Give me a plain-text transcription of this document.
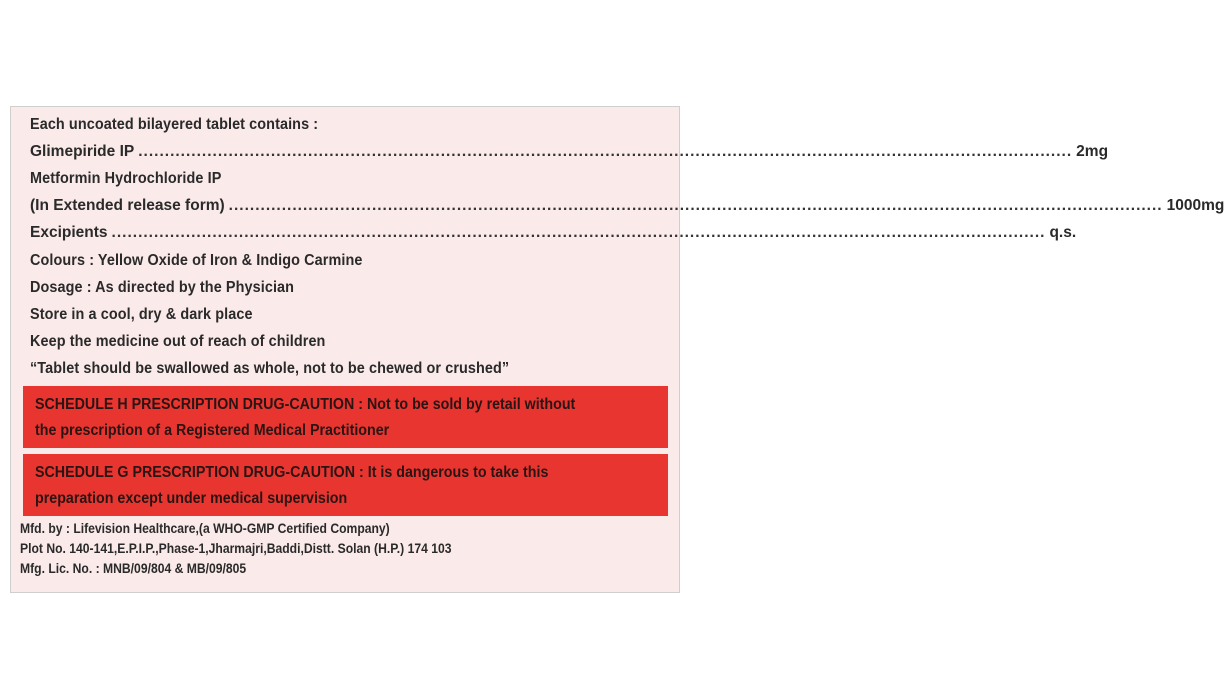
Each uncoated bilayered tablet contains :
Glimepiride IP ................................................................................................................................................................................ 2mg
Metformin Hydrochloride IP
(In Extended release form) ................................................................................................................................................................................ 1000mg
Excipients ................................................................................................................................................................................ q.s.
Colours : Yellow Oxide of Iron & Indigo Carmine
Dosage : As directed by the Physician
Store in a cool, dry & dark place
Keep the medicine out of reach of children
“Tablet should be swallowed as whole, not to be chewed or crushed”
SCHEDULE H PRESCRIPTION DRUG-CAUTION : Not to be sold by retail without
the prescription of a Registered Medical Practitioner
SCHEDULE G PRESCRIPTION DRUG-CAUTION : It is dangerous to take this
preparation except under medical supervision
Mfd. by : Lifevision Healthcare,(a WHO-GMP Certified Company)
Plot No. 140-141,E.P.I.P.,Phase-1,Jharmajri,Baddi,Distt. Solan (H.P.) 174 103
Mfg. Lic. No. : MNB/09/804 & MB/09/805
